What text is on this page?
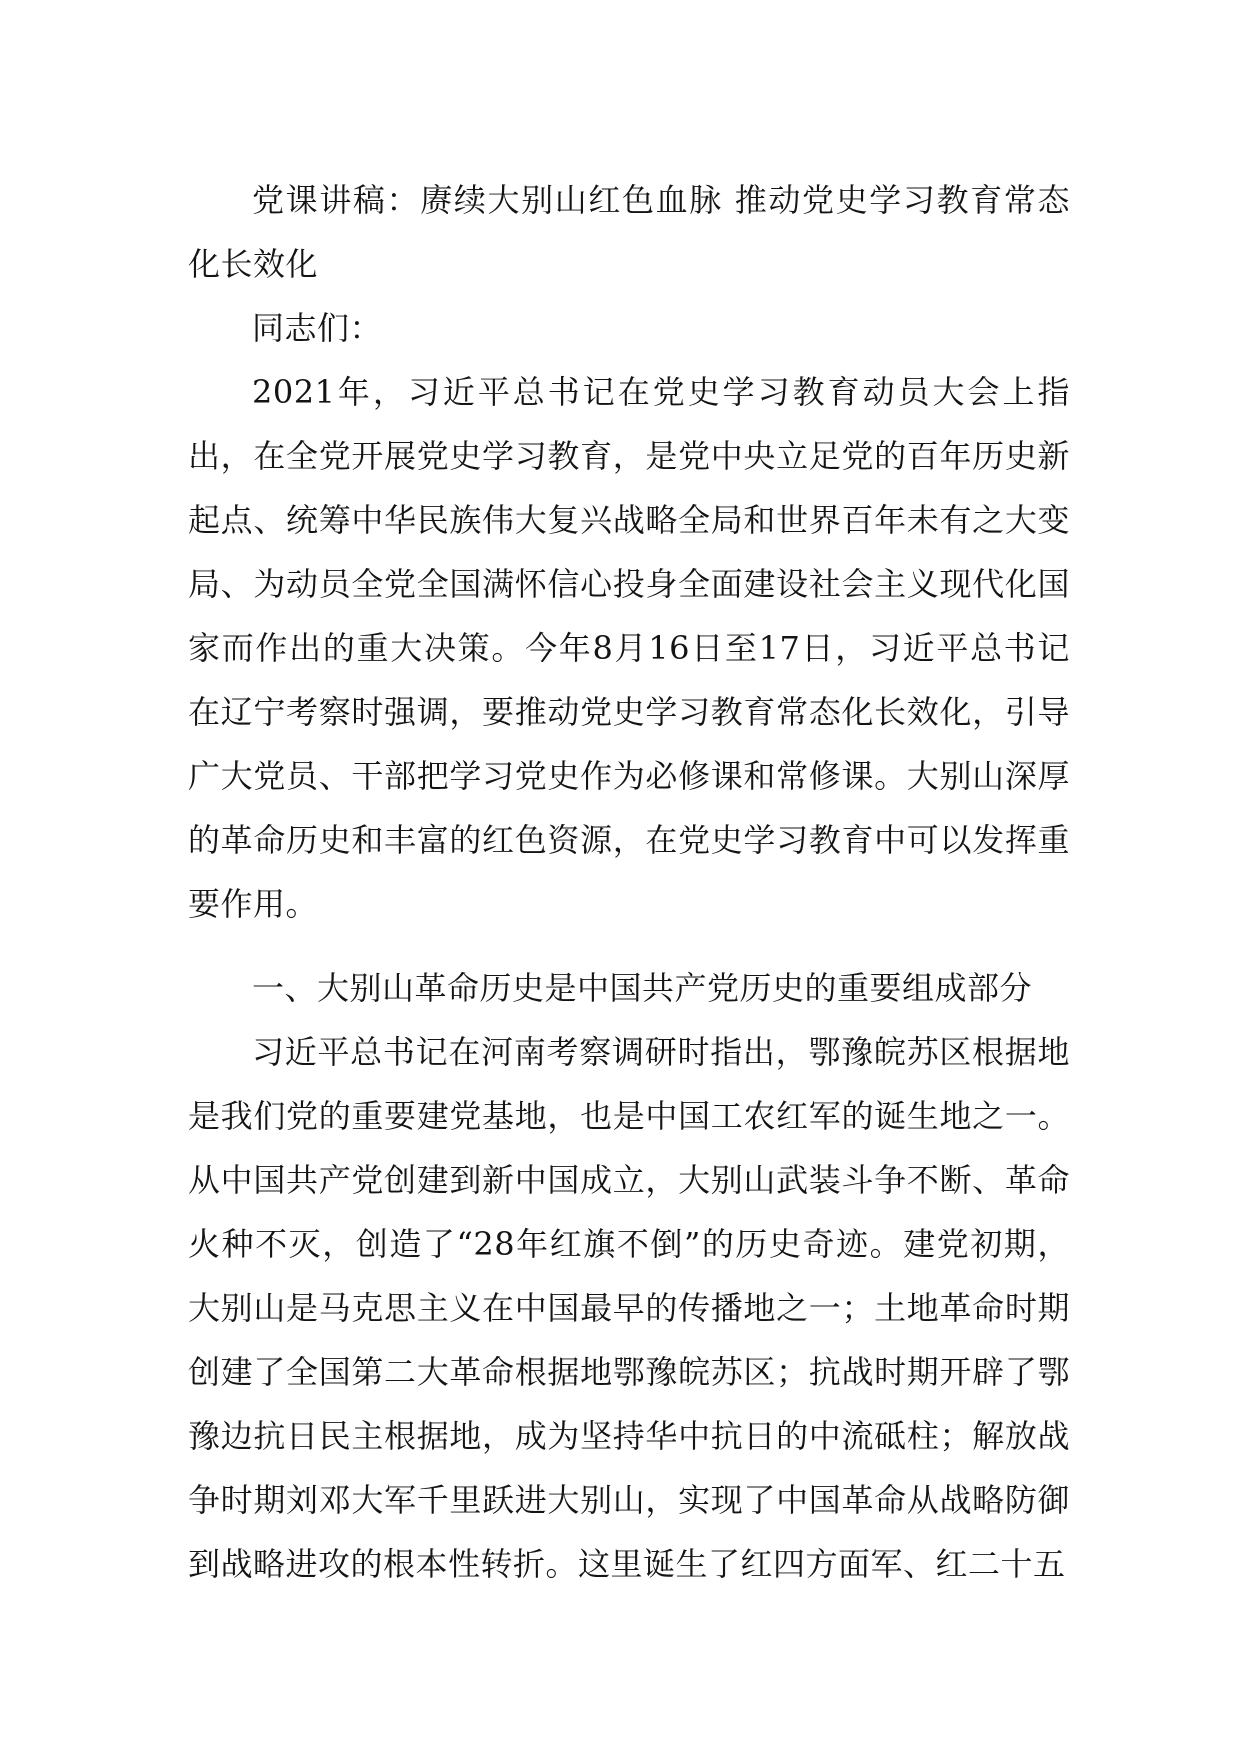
党课讲稿：赓续大别山红色血脉 推动党史学习教育常态化长效化

同志们：

2021年，习近平总书记在党史学习教育动员大会上指出，在全党开展党史学习教育，是党中央立足党的百年历史新起点、统筹中华民族伟大复兴战略全局和世界百年未有之大变局、为动员全党全国满怀信心投身全面建设社会主义现代化国家而作出的重大决策。今年8月16日至17日，习近平总书记在辽宁考察时强调，要推动党史学习教育常态化长效化，引导广大党员、干部把学习党史作为必修课和常修课。大别山深厚的革命历史和丰富的红色资源，在党史学习教育中可以发挥重要作用。

一、大别山革命历史是中国共产党历史的重要组成部分

习近平总书记在河南考察调研时指出，鄂豫皖苏区根据地是我们党的重要建党基地，也是中国工农红军的诞生地之一。从中国共产党创建到新中国成立，大别山武装斗争不断、革命火种不灭，创造了“28年红旗不倒”的历史奇迹。建党初期，大别山是马克思主义在中国最早的传播地之一；土地革命时期创建了全国第二大革命根据地鄂豫皖苏区；抗战时期开辟了鄂豫边抗日民主根据地，成为坚持华中抗日的中流砥柱；解放战争时期刘邓大军千里跃进大别山，实现了中国革命从战略防御到战略进攻的根本性转折。这里诞生了红四方面军、红二十五
